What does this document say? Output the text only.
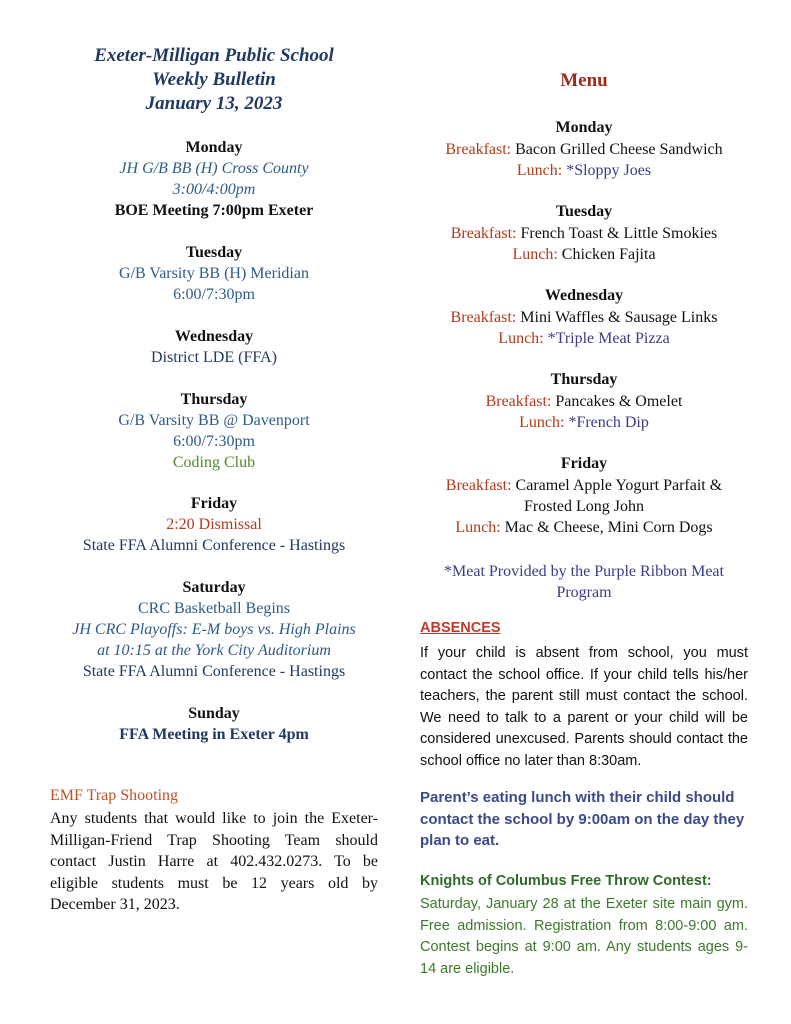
Exeter-Milligan Public School
Weekly Bulletin
January 13, 2023
Monday
JH G/B BB (H) Cross County
3:00/4:00pm
BOE Meeting 7:00pm Exeter
Tuesday
G/B Varsity BB (H) Meridian
6:00/7:30pm
Wednesday
District LDE (FFA)
Thursday
G/B Varsity BB @ Davenport
6:00/7:30pm
Coding Club
Friday
2:20 Dismissal
State FFA Alumni Conference - Hastings
Saturday
CRC Basketball Begins
JH CRC Playoffs: E-M boys vs. High Plains
at 10:15 at the York City Auditorium
State FFA Alumni Conference - Hastings
Sunday
FFA Meeting in Exeter 4pm
EMF Trap Shooting
Any students that would like to join the Exeter-Milligan-Friend Trap Shooting Team should contact Justin Harre at 402.432.0273. To be eligible students must be 12 years old by December 31, 2023.
Menu
Monday
Breakfast: Bacon Grilled Cheese Sandwich
Lunch: *Sloppy Joes
Tuesday
Breakfast: French Toast & Little Smokies
Lunch: Chicken Fajita
Wednesday
Breakfast: Mini Waffles & Sausage Links
Lunch: *Triple Meat Pizza
Thursday
Breakfast: Pancakes & Omelet
Lunch: *French Dip
Friday
Breakfast: Caramel Apple Yogurt Parfait &
Frosted Long John
Lunch: Mac & Cheese, Mini Corn Dogs
*Meat Provided by the Purple Ribbon Meat
Program
ABSENCES
If your child is absent from school, you must contact the school office. If your child tells his/her teachers, the parent still must contact the school. We need to talk to a parent or your child will be considered unexcused. Parents should contact the school office no later than 8:30am.
Parent’s eating lunch with their child should contact the school by 9:00am on the day they plan to eat.
Knights of Columbus Free Throw Contest:
Saturday, January 28 at the Exeter site main gym. Free admission. Registration from 8:00-9:00 am. Contest begins at 9:00 am. Any students ages 9-14 are eligible.
